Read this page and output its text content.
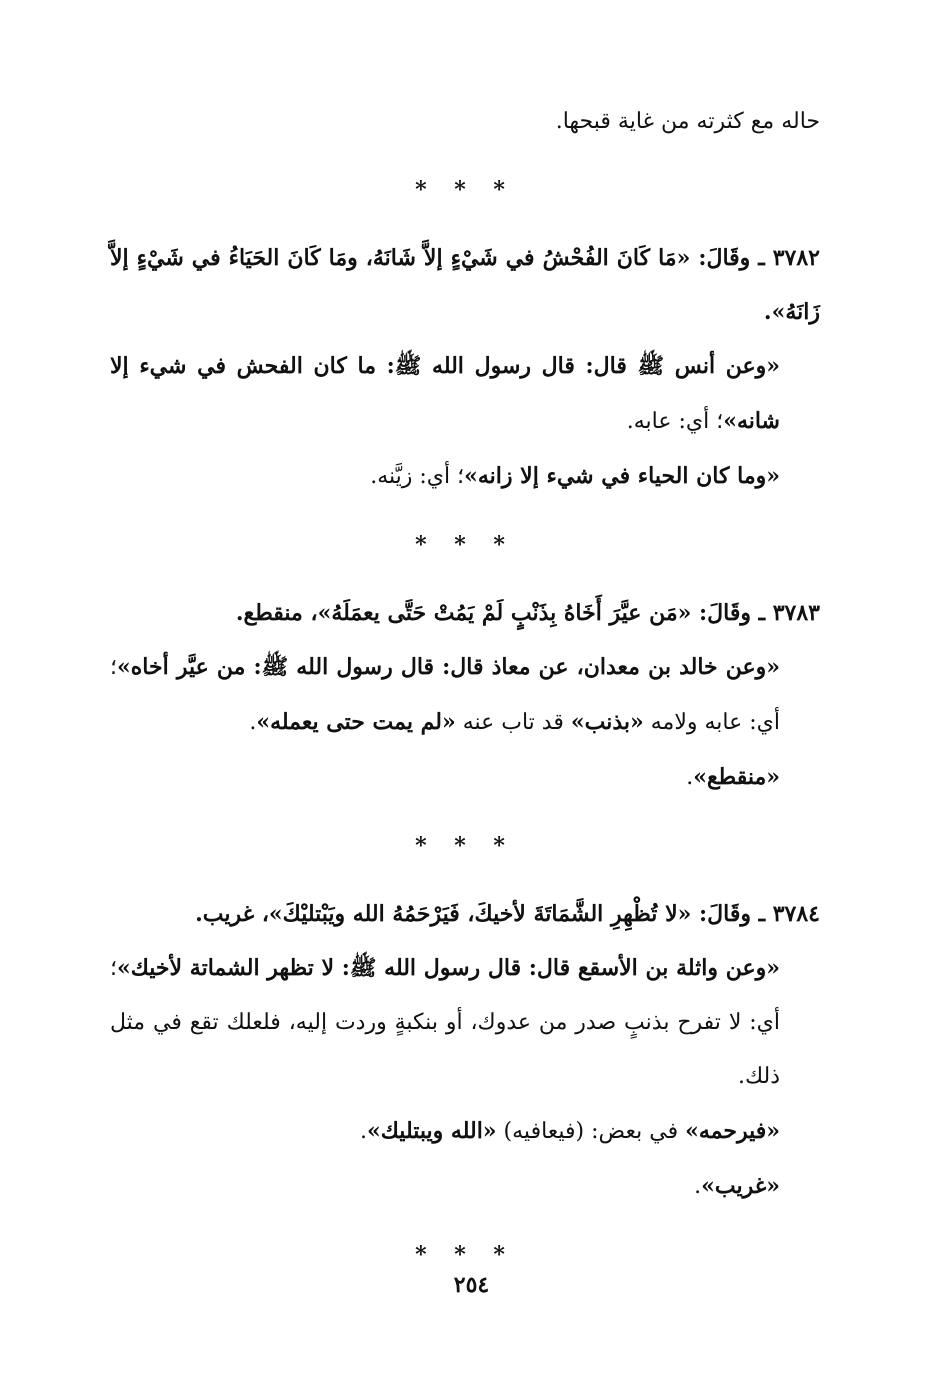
حاله مع كثرته من غاية قبحها.

* * *

٣٧٨٢ ـ وقَالَ: «مَا كَانَ الفُحْشُ في شَيْءٍ إلاَّ شَانَهُ، ومَا كَانَ الحَيَاءُ في شَيْءٍ إلاَّ زَانَهُ».

«وعن أنس ﷺ قال: قال رسول الله ﷺ: ما كان الفحش في شيء إلا شانه»؛ أي: عابه.

«وما كان الحياء في شيء إلا زانه»؛ أي: زيَّنه.

* * *

٣٧٨٣ ـ وقَالَ: «مَن عيَّرَ أَخَاهُ بِذَنْبٍ لَمْ يَمُتْ حَتَّى يعمَلَهُ»، منقطع.

«وعن خالد بن معدان، عن معاذ قال: قال رسول الله ﷺ: من عيَّر أخاه»؛ أي: عابه ولامه «بذنب» قد تاب عنه «لم يمت حتى يعمله».

«منقطع».

* * *

٣٧٨٤ ـ وقَالَ: «لا تُظْهِرِ الشَّمَاتَةَ لأخيكَ، فَيَرْحَمُهُ الله ويَبْتليْكَ»، غريب.

«وعن واثلة بن الأسقع قال: قال رسول الله ﷺ: لا تظهر الشماتة لأخيك»؛ أي: لا تفرح بذنبٍ صدر من عدوك، أو بنكبةٍ وردت إليه، فلعلك تقع في مثل ذلك.

«فيرحمه» في بعض: (فيعافيه) «الله ويبتليك».

«غريب».

* * *
٢٥٤
